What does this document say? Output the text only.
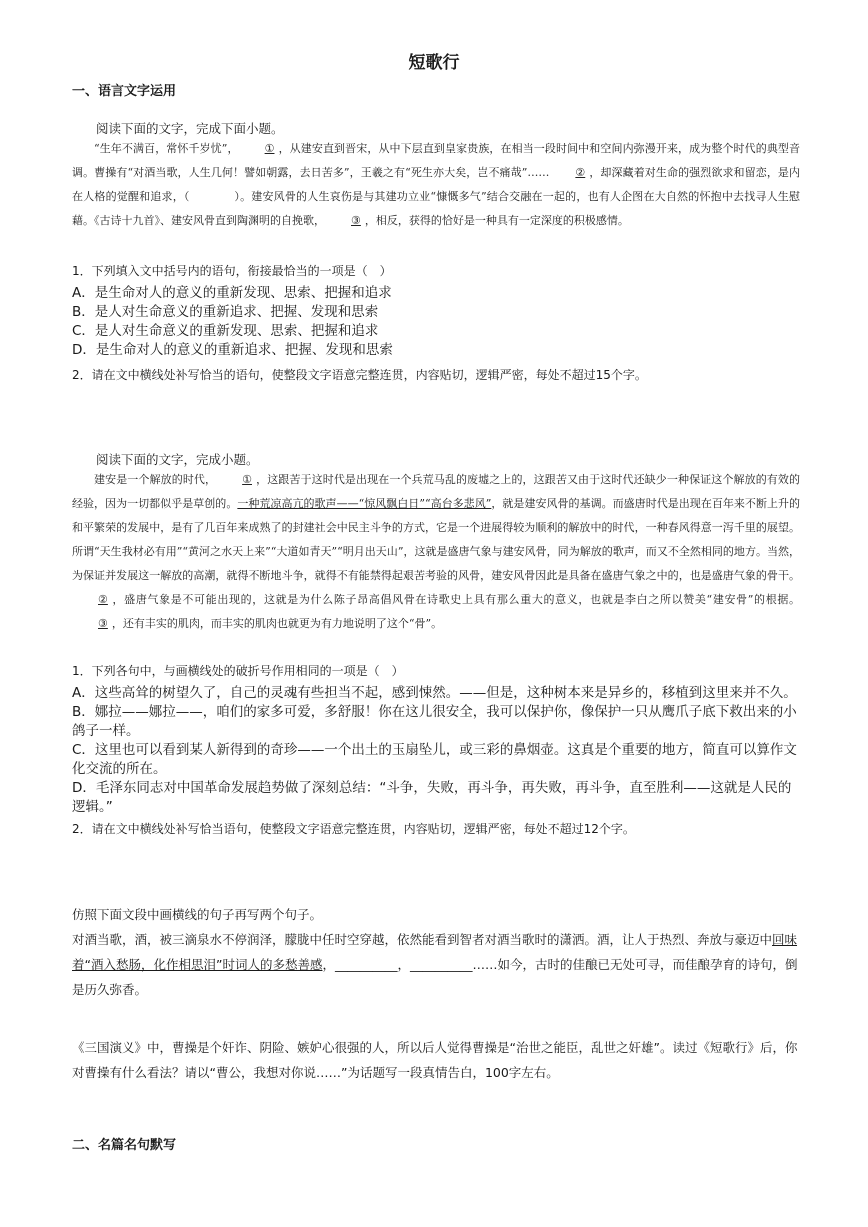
短歌行
一、语言文字运用
阅读下面的文字，完成下面小题。

“生年不满百，常怀千岁忧”， ① ，从建安直到晋宋，从中下层直到皇家贵族，在相当一段时间中和空间内弥漫开来，成为整个时代的典型音调。曹操有“对酒当歌，人生几何！譬如朝露，去日苦多”，王羲之有“死生亦大矣，岂不痛哉”…… ② ，却深藏着对生命的强烈欲求和留恋，是内在人格的觉醒和追求，（　　　　）。建安风骨的人生哀伤是与其建功立业“慷慨多气”结合交融在一起的，也有人企图在大自然的怀抱中去找寻人生慰藉。《古诗十九首》、建安风骨直到陶渊明的自挽歌， ③ ，相反，获得的恰好是一种具有一定深度的积极感情。

1．下列填入文中括号内的语句，衔接最恰当的一项是（　）
A．是生命对人的意义的重新发现、思索、把握和追求
B．是人对生命意义的重新追求、把握、发现和思索
C．是人对生命意义的重新发现、思索、把握和追求
D．是生命对人的意义的重新追求、把握、发现和思索
2．请在文中横线处补写恰当的语句，使整段文字语意完整连贯，内容贴切，逻辑严密，每处不超过15个字。
阅读下面的文字，完成小题。

建安是一个解放的时代， ① ，这跟苦于这时代是出现在一个兵荒马乱的废墟之上的，这跟苦又由于这时代还缺少一种保证这个解放的有效的经验，因为一切都似乎是草创的。一种荒凉高亢的歌声——“惊风飘白日”“高台多悲风”，就是建安风骨的基调。而盛唐时代是出现在百年来不断上升的和平繁荣的发展中，是有了几百年来成熟了的封建社会中民主斗争的方式，它是一个进展得较为顺利的解放中的时代，一种春风得意一泻千里的展望。所谓“天生我材必有用”“黄河之水天上来”“大道如青天”“明月出天山”，这就是盛唐气象与建安风骨，同为解放的歌声，而又不全然相同的地方。当然，为保证并发展这一解放的高潮，就得不断地斗争，就得不有能禁得起艰苦考验的风骨，建安风骨因此是具备在盛唐气象之中的，也是盛唐气象的骨干。② ，盛唐气象是不可能出现的，这就是为什么陈子昂高倡风骨在诗歌史上具有那么重大的意义，也就是李白之所以赞美“建安骨”的根据。③ ，还有丰实的肌肉，而丰实的肌肉也就更为有力地说明了这个“骨”。

1．下列各句中，与画横线处的破折号作用相同的一项是（　）
A．这些高耸的树望久了，自己的灵魂有些担当不起，感到悚然。——但是，这种树本来是异乡的，移植到这里来并不久。
B．娜拉——娜拉——，咱们的家多可爱，多舒服！你在这儿很安全，我可以保护你，像保护一只从鹰爪子底下救出来的小鸽子一样。
C．这里也可以看到某人新得到的奇珍——一个出土的玉扇坠儿，或三彩的鼻烟壶。这真是个重要的地方，简直可以算作文化交流的所在。
D．毛泽东同志对中国革命发展趋势做了深刻总结：“斗争，失败，再斗争，再失败，再斗争，直至胜利——这就是人民的逻辑。”
2．请在文中横线处补写恰当语句，使整段文字语意完整连贯，内容贴切，逻辑严密，每处不超过12个字。
仿照下面文段中画横线的句子再写两个句子。
对酒当歌，酒，被三滴泉水不停润泽，朦胧中任时空穿越，依然能看到智者对酒当歌时的潇洒。酒，让人于热烈、奔放与豪迈中回味着“酒入愁肠，化作相思泪”时词人的多愁善感，__________，__________……如今，古时的佳酿已无处可寻，而佳酿孕育的诗句，倒是历久弥香。
《三国演义》中，曹操是个奸诈、阴险、嫉妒心很强的人，所以后人觉得曹操是“治世之能臣，乱世之奸雄”。读过《短歌行》后，你对曹操有什么看法？请以“曹公，我想对你说……”为话题写一段真情告白，100字左右。
二、名篇名句默写
